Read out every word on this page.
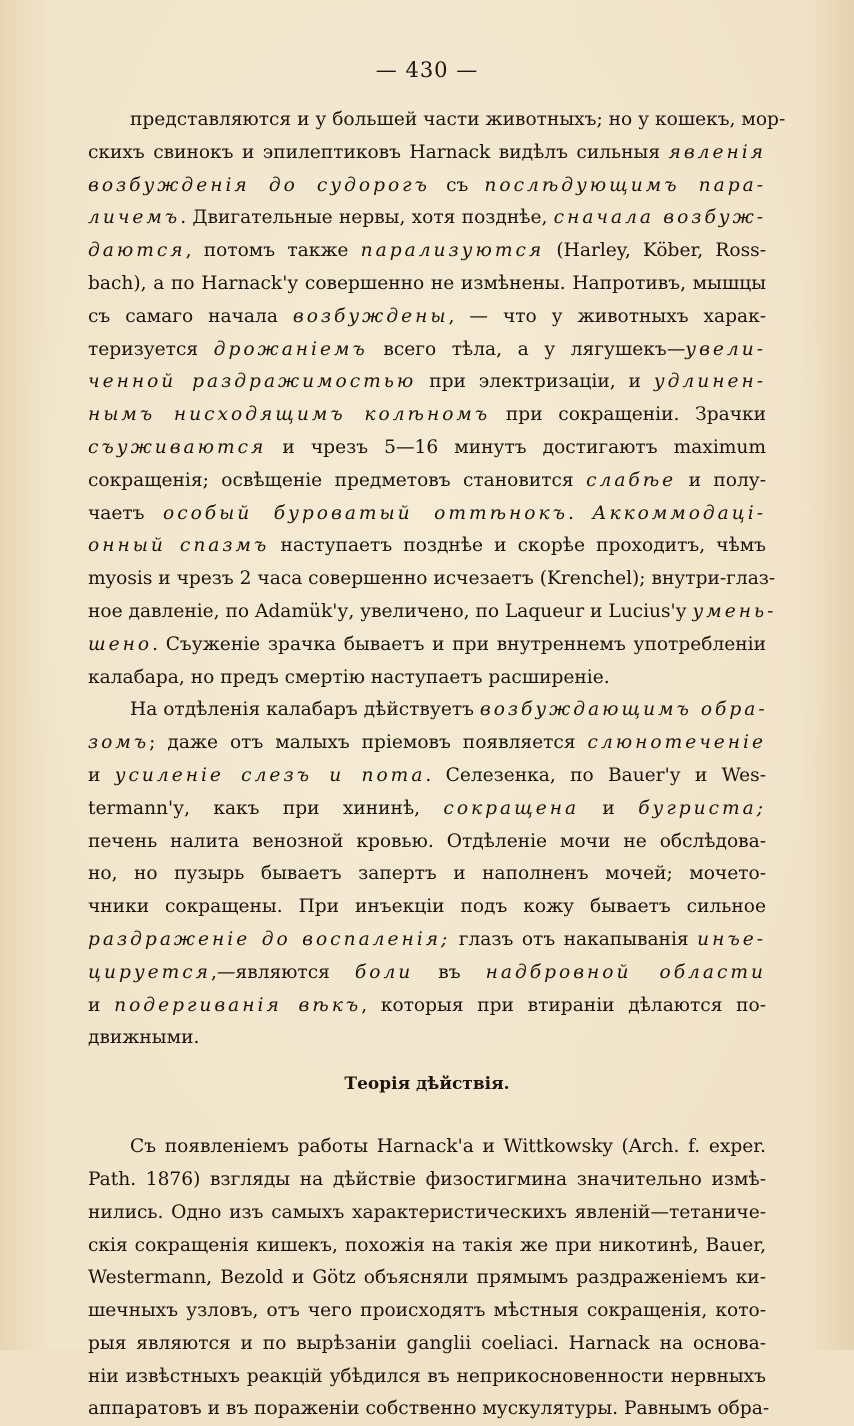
— 430 —
представляются и у большей части животныхъ; но у кошекъ, мор-
скихъ свинокъ и эпилептиковъ Harnack видѣлъ сильныя явленія
возбужденія до судорогъ съ послѣдующимъ пара-
личемъ. Двигательные нервы, хотя позднѣе, сначала возбуж-
даются, потомъ также парализуются (Harley, Köber, Ross-
bach), а по Harnack'у совершенно не измѣнены. Напротивъ, мышцы
съ самаго начала возбуждены, — что у животныхъ харак-
теризуется дрожаніемъ всего тѣла, а у лягушекъ—увели-
ченной раздражимостью при электризаціи, и удлинен-
нымъ нисходящимъ колѣномъ при сокращеніи. Зрачки
съуживаются и чрезъ 5—16 минутъ достигаютъ maximum
сокращенія; освѣщеніе предметовъ становится слабѣе и полу-
чаетъ особый буроватый оттѣнокъ. Аккоммодаці-
онный спазмъ наступаетъ позднѣе и скорѣе проходитъ, чѣмъ
myosis и чрезъ 2 часа совершенно исчезаетъ (Krenchel); внутри-глаз-
ное давленіе, по Adamük'у, увеличено, по Laqueur и Lucius'у умень-
шено. Съуженіе зрачка бываетъ и при внутреннемъ употребленіи
калабара, но предъ смертію наступаетъ расширеніе.
На отдѣленія калабаръ дѣйствуетъ возбуждающимъ обра-
зомъ; даже отъ малыхъ пріемовъ появляется слюнотеченіе
и усиленіе слезъ и пота. Селезенка, по Bauer'у и Wes-
termann'у, какъ при хининѣ, сокращена и бугриста;
печень налита венозной кровью. Отдѣленіе мочи не обслѣдова-
но, но пузырь бываетъ запертъ и наполненъ мочей; мочето-
чники сокращены. При инъекціи подъ кожу бываетъ сильное
раздраженіе до воспаленія; глазъ отъ накапыванія инъе-
цируется,—являются боли въ надбровной области
и подергиванія вѣкъ, которыя при втираніи дѣлаются по-
движными.
Теорія дѣйствія.
Съ появленіемъ работы Harnack'a и Wittkowsky (Arch. f. exper.
Path. 1876) взгляды на дѣйствіе физостигмина значительно измѣ-
нились. Одно изъ самыхъ характеристическихъ явленій—тетаниче-
скія сокращенія кишекъ, похожія на такія же при никотинѣ, Bauer,
Westermann, Bezold и Götz объясняли прямымъ раздраженіемъ ки-
шечныхъ узловъ, отъ чего происходятъ мѣстныя сокращенія, кото-
рыя являются и по вырѣзаніи ganglii coeliaci. Harnack на основа-
ніи извѣстныхъ реакцій убѣдился въ неприкосновенности нервныхъ
аппаратовъ и въ пораженіи собственно мускулятуры. Равнымъ обра-
